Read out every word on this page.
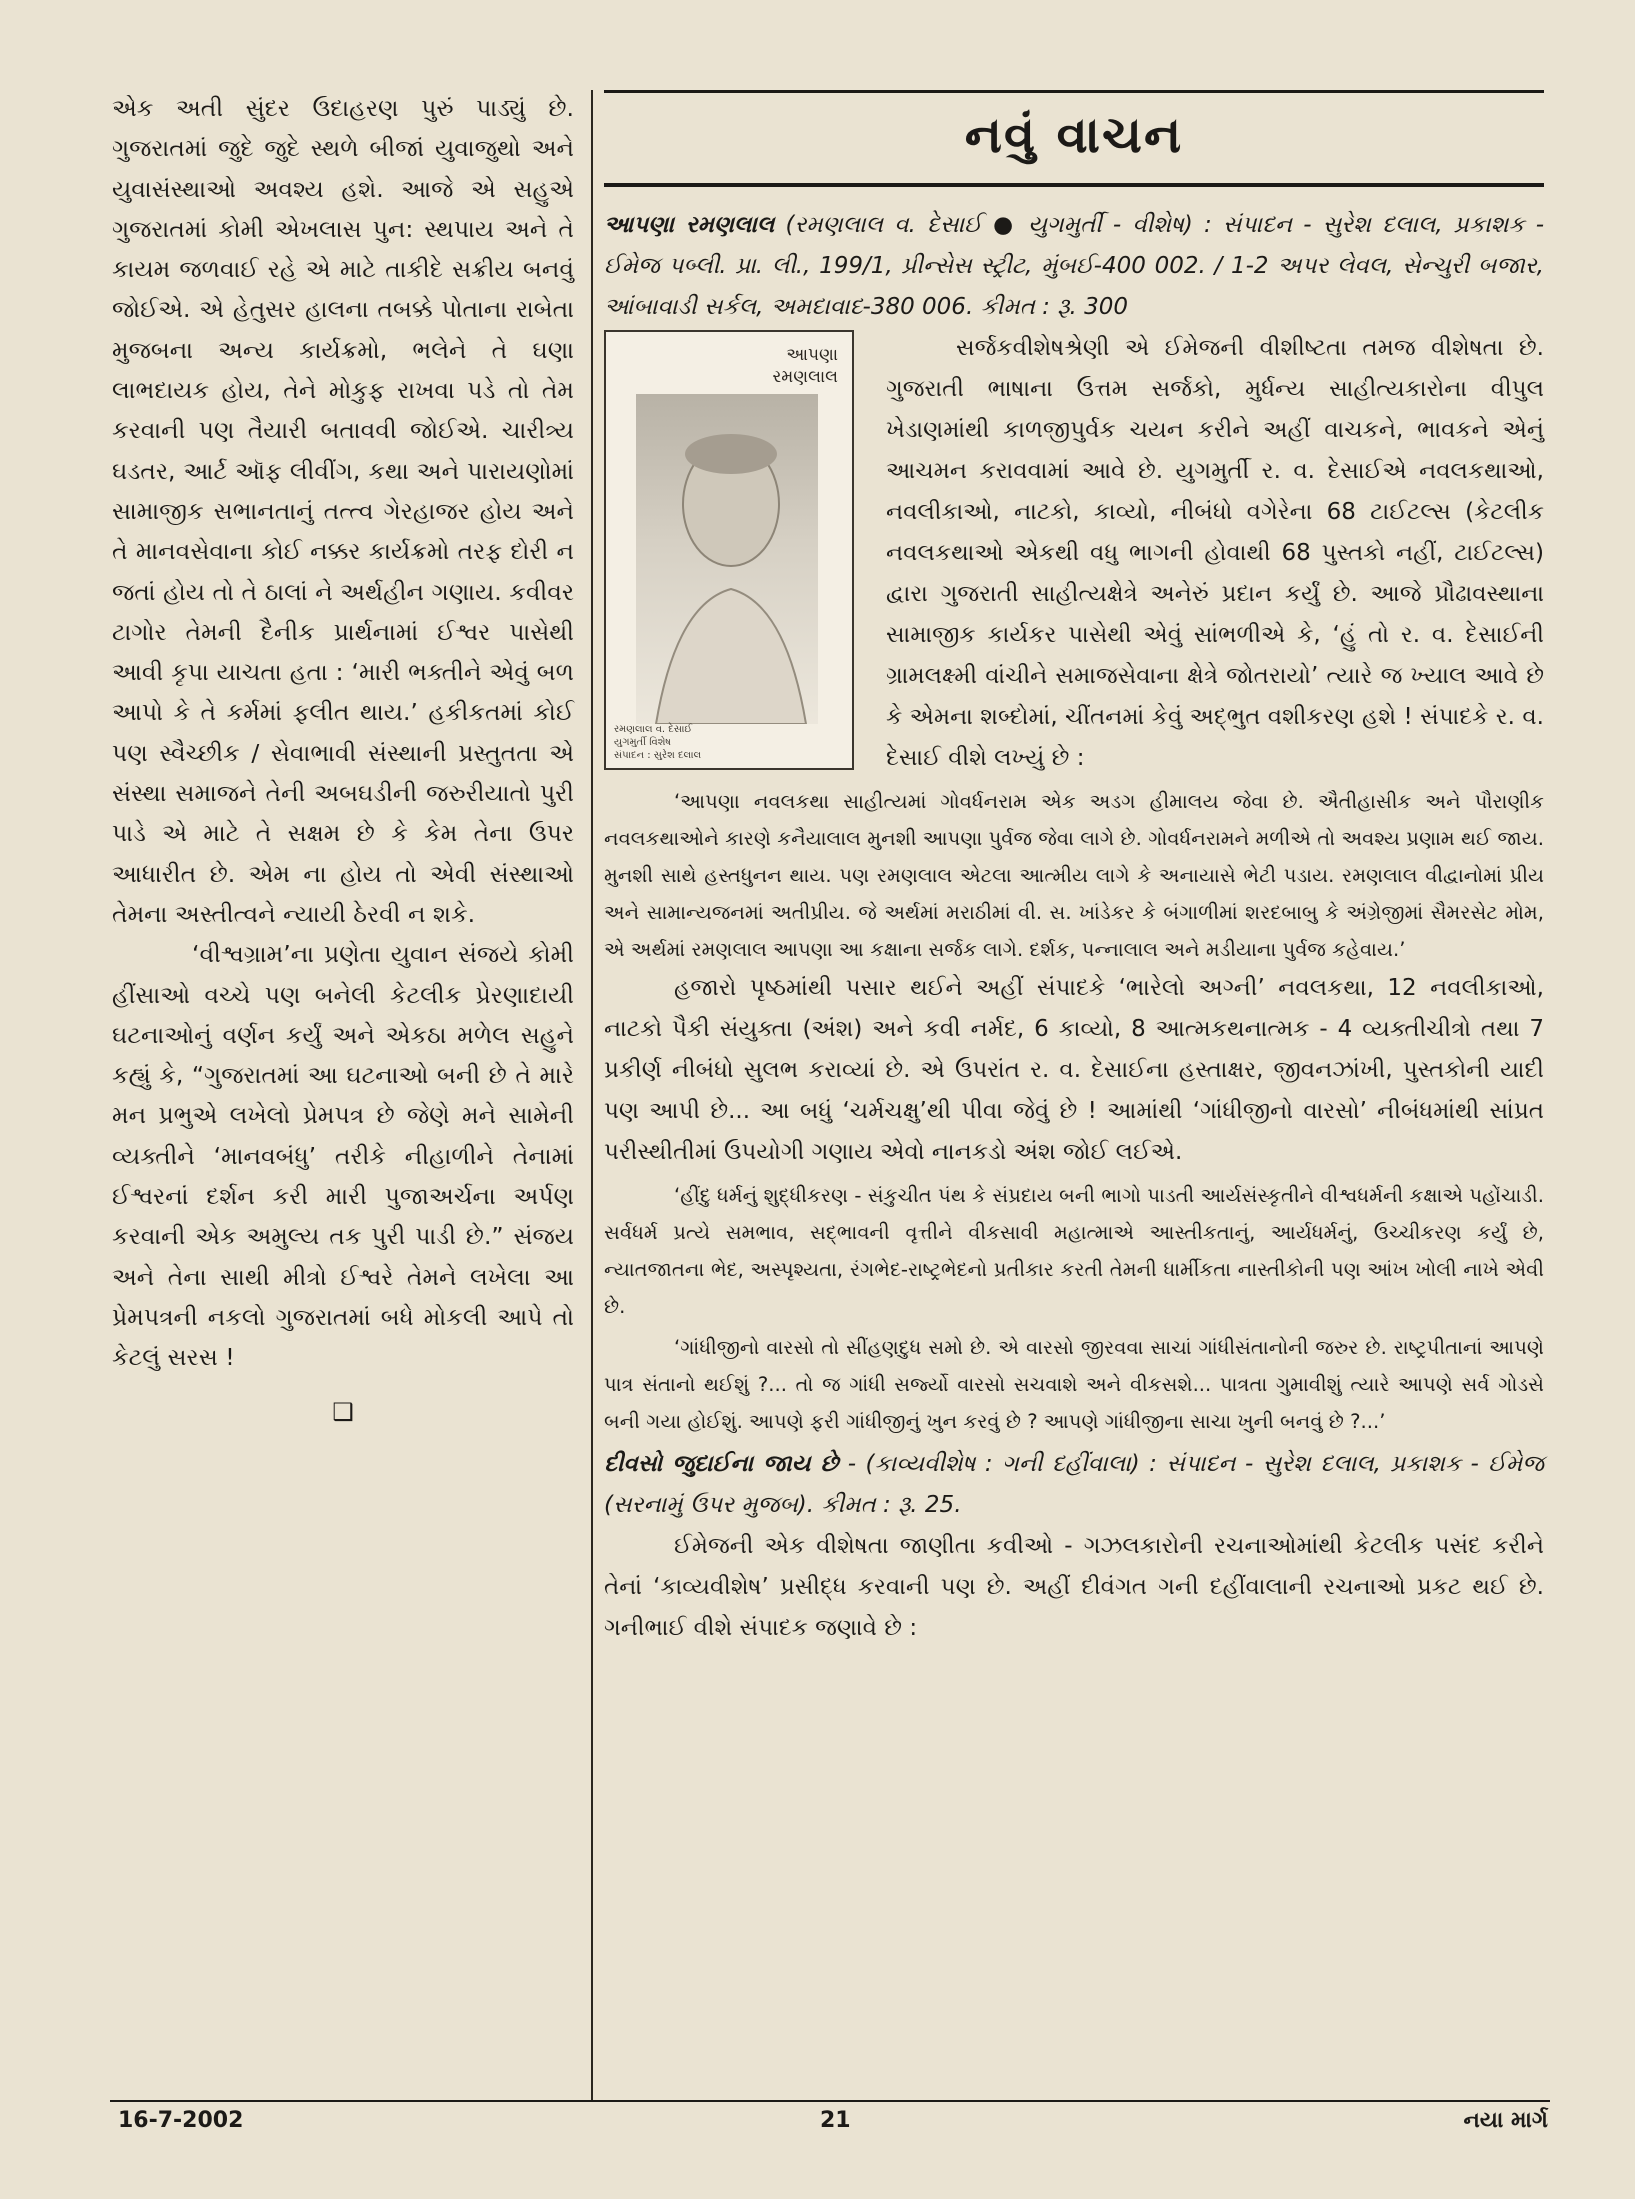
એક અતી સુંદર ઉદાહરણ પુરું પાડ્યું છે. ગુજરાતમાં જુદે જુદે સ્થળે બીજાં યુવાજુથો અને યુવાસંસ્થાઓ અવશ્ય હશે. આજે એ સહુએ ગુજરાતમાં કોમી એખલાસ પુન: સ્થપાય અને તે કાયમ જળવાઈ રહે એ માટે તાકીદે સક્રીય બનવું જોઈએ. એ હેતુસર હાલના તબક્કે પોતાના રાબેતા મુજબના અન્ય કાર્યક્રમો, ભલેને તે ઘણા લાભદાયક હોય, તેને મોકુફ રાખવા પડે તો તેમ કરવાની પણ તૈયારી બતાવવી જોઈએ. ચારીત્ર્ય ઘડતર, આર્ટ ઑફ લીવીંગ, કથા અને પારાયણોમાં સામાજીક સભાનતાનું તત્ત્વ ગેરહાજર હોય અને તે માનવસેવાના કોઈ નક્કર કાર્યક્રમો તરફ દોરી ન જતાં હોય તો તે ઠાલાં ને અર્થહીન ગણાય. કવીવર ટાગોર તેમની દૈનીક પ્રાર્થનામાં ઈશ્વર પાસેથી આવી કૃપા યાચતા હતા : ‘મારી ભક્તીને એવું બળ આપો કે તે કર્મમાં ફલીત થાય.’ હકીકતમાં કોઈ પણ સ્વૈચ્છીક / સેવાભાવી સંસ્થાની પ્રસ્તુતતા એ સંસ્થા સમાજને તેની અબઘડીની જરુરીયાતો પુરી પાડે એ માટે તે સક્ષમ છે કે કેમ તેના ઉપર આધારીત છે. એમ ના હોય તો એવી સંસ્થાઓ તેમના અસ્તીત્વને ન્યાયી ઠેરવી ન શકે.

‘વીશ્વગ્રામ’ના પ્રણેતા યુવાન સંજયે કોમી હીંસાઓ વચ્ચે પણ બનેલી કેટલીક પ્રેરણાદાયી ઘટનાઓનું વર્ણન કર્યું અને એકઠા મળેલ સહુને કહ્યું કે, “ગુજરાતમાં આ ઘટનાઓ બની છે તે મારે મન પ્રભુએ લખેલો પ્રેમપત્ર છે જેણે મને સામેની વ્યક્તીને ‘માનવબંધુ’ તરીકે નીહાળીને તેનામાં ઈશ્વરનાં દર્શન કરી મારી પુજાઅર્ચના અર્પણ કરવાની એક અમુલ્ય તક પુરી પાડી છે.” સંજય અને તેના સાથી મીત્રો ઈશ્વરે તેમને લખેલા આ પ્રેમપત્રની નકલો ગુજરાતમાં બધે મોકલી આપે તો કેટલું સરસ !

❑
નવું વાચન

આપણા રમણલાલ (રમણલાલ વ. દેસાઈ ● યુગમુર્તી - વીશેષ) : સંપાદન - સુરેશ દલાલ, પ્રકાશક - ઈમેજ પબ્લી. પ્રા. લી., 199/1, પ્રીન્સેસ સ્ટ્રીટ, મુંબઈ-400 002. / 1-2 અપર લેવલ, સેન્ચુરી બજાર, આંબાવાડી સર્કલ, અમદાવાદ-380 006. કીમત : રૂ. 300

આપણા
રમણલાલ
રમણલાલ વ. દેસાઈ
યુગમુર્તી વિશેષ
સંપાદન : સુરેશ દલાલ

સર્જકવીશેષશ્રેણી એ ઈમેજની વીશીષ્ટતા તમજ વીશેષતા છે. ગુજરાતી ભાષાના ઉત્તમ સર્જકો, મુર્ધન્ય સાહીત્યકારોના વીપુલ ખેડાણમાંથી કાળજીપુર્વક ચયન કરીને અહીં વાચકને, ભાવકને એનું આચમન કરાવવામાં આવે છે. યુગમુર્તી ર. વ. દેસાઈએ નવલકથાઓ, નવલીકાઓ, નાટકો, કાવ્યો, નીબંધો વગેરેના 68 ટાઈટલ્સ (કેટલીક નવલકથાઓ એકથી વધુ ભાગની હોવાથી 68 પુસ્તકો નહીં, ટાઈટલ્સ) દ્વારા ગુજરાતી સાહીત્યક્ષેત્રે અનેરું પ્રદાન કર્યું છે. આજે પ્રૌઢાવસ્થાના સામાજીક કાર્યકર પાસેથી એવું સાંભળીએ કે, ‘હું તો ર. વ. દેસાઈની ગ્રામલક્ષ્મી વાંચીને સમાજસેવાના ક્ષેત્રે જોતરાયો’ ત્યારે જ ખ્યાલ આવે છે કે એમના શબ્દોમાં, ચીંતનમાં કેવું અદ્ભુત વશીકરણ હશે ! સંપાદકે ર. વ. દેસાઈ વીશે લખ્યું છે :

‘આપણા નવલકથા સાહીત્યમાં ગોવર્ધનરામ એક અડગ હીમાલય જેવા છે. ઐતીહાસીક અને પૌરાણીક નવલકથાઓને કારણે કનૈયાલાલ મુનશી આપણા પુર્વજ જેવા લાગે છે. ગોવર્ધનરામને મળીએ તો અવશ્ય પ્રણામ થઈ જાય. મુનશી સાથે હસ્તધુનન થાય. પણ રમણલાલ એટલા આત્મીય લાગે કે અનાયાસે ભેટી પડાય. રમણલાલ વીદ્વાનોમાં પ્રીય અને સામાન્યજનમાં અતીપ્રીય. જે અર્થમાં મરાઠીમાં વી. સ. ખાંડેકર કે બંગાળીમાં શરદબાબુ કે અંગ્રેજીમાં સૈમરસેટ મોમ, એ અર્થમાં રમણલાલ આપણા આ કક્ષાના સર્જક લાગે. દર્શક, પન્નાલાલ અને મડીયાના પુર્વજ કહેવાય.’

હજારો પૃષ્ઠમાંથી પસાર થઈને અહીં સંપાદકે ‘ભારેલો અગ્ની’ નવલકથા, 12 નવલીકાઓ, નાટકો પૈકી સંયુક્તા (અંશ) અને કવી નર્મદ, 6 કાવ્યો, 8 આત્મકથનાત્મક - 4 વ્યક્તીચીત્રો તથા 7 પ્રકીર્ણ નીબંધો સુલભ કરાવ્યાં છે. એ ઉપરાંત ર. વ. દેસાઈના હસ્તાક્ષર, જીવનઝાંખી, પુસ્તકોની યાદી પણ આપી છે... આ બધું ‘ચર્મચક્ષુ’થી પીવા જેવું છે ! આમાંથી ‘ગાંધીજીનો વારસો’ નીબંધમાંથી સાંપ્રત પરીસ્થીતીમાં ઉપયોગી ગણાય એવો નાનકડો અંશ જોઈ લઈએ.

‘હીંદુ ધર્મનું શુદ્ધીકરણ - સંકુચીત પંથ કે સંપ્રદાય બની ભાગો પાડતી આર્યસંસ્કૃતીને વીશ્વધર્મની કક્ષાએ પહોંચાડી. સર્વધર્મ પ્રત્યે સમભાવ, સદ્ભાવની વૃત્તીને વીકસાવી મહાત્માએ આસ્તીકતાનું, આર્યધર્મનું, ઉચ્ચીકરણ કર્યું છે, ન્યાતજાતના ભેદ, અસ્પૃશ્યતા, રંગભેદ-રાષ્ટ્રભેદનો પ્રતીકાર કરતી તેમની ધાર્મીકતા નાસ્તીકોની પણ આંખ ખોલી નાખે એવી છે.

‘ગાંધીજીનો વારસો તો સીંહણદુધ સમો છે. એ વારસો જીરવવા સાચાં ગાંધીસંતાનોની જરુર છે. રાષ્ટ્રપીતાનાં આપણે પાત્ર સંતાનો થઈશું ?... તો જ ગાંધી સર્જ્યો વારસો સચવાશે અને વીકસશે... પાત્રતા ગુમાવીશું ત્યારે આપણે સર્વ ગોડસે બની ગયા હોઈશું. આપણે ફરી ગાંધીજીનું ખુન કરવું છે ? આપણે ગાંધીજીના સાચા ખુની બનવું છે ?...’

દીવસો જુદાઈના જાય છે - (કાવ્યવીશેષ : ગની દહીંવાલા) : સંપાદન - સુરેશ દલાલ, પ્રકાશક - ઈમેજ (સરનામું ઉપર મુજબ). કીમત : રૂ. 25.

ઈમેજની એક વીશેષતા જાણીતા કવીઓ - ગઝલકારોની રચનાઓમાંથી કેટલીક પસંદ કરીને તેનાં ‘કાવ્યવીશેષ’ પ્રસીદ્ધ કરવાની પણ છે. અહીં દીવંગત ગની દહીંવાલાની રચનાઓ પ્રકટ થઈ છે. ગનીભાઈ વીશે સંપાદક જણાવે છે :

16-7-2002	21	નયા માર્ગ
